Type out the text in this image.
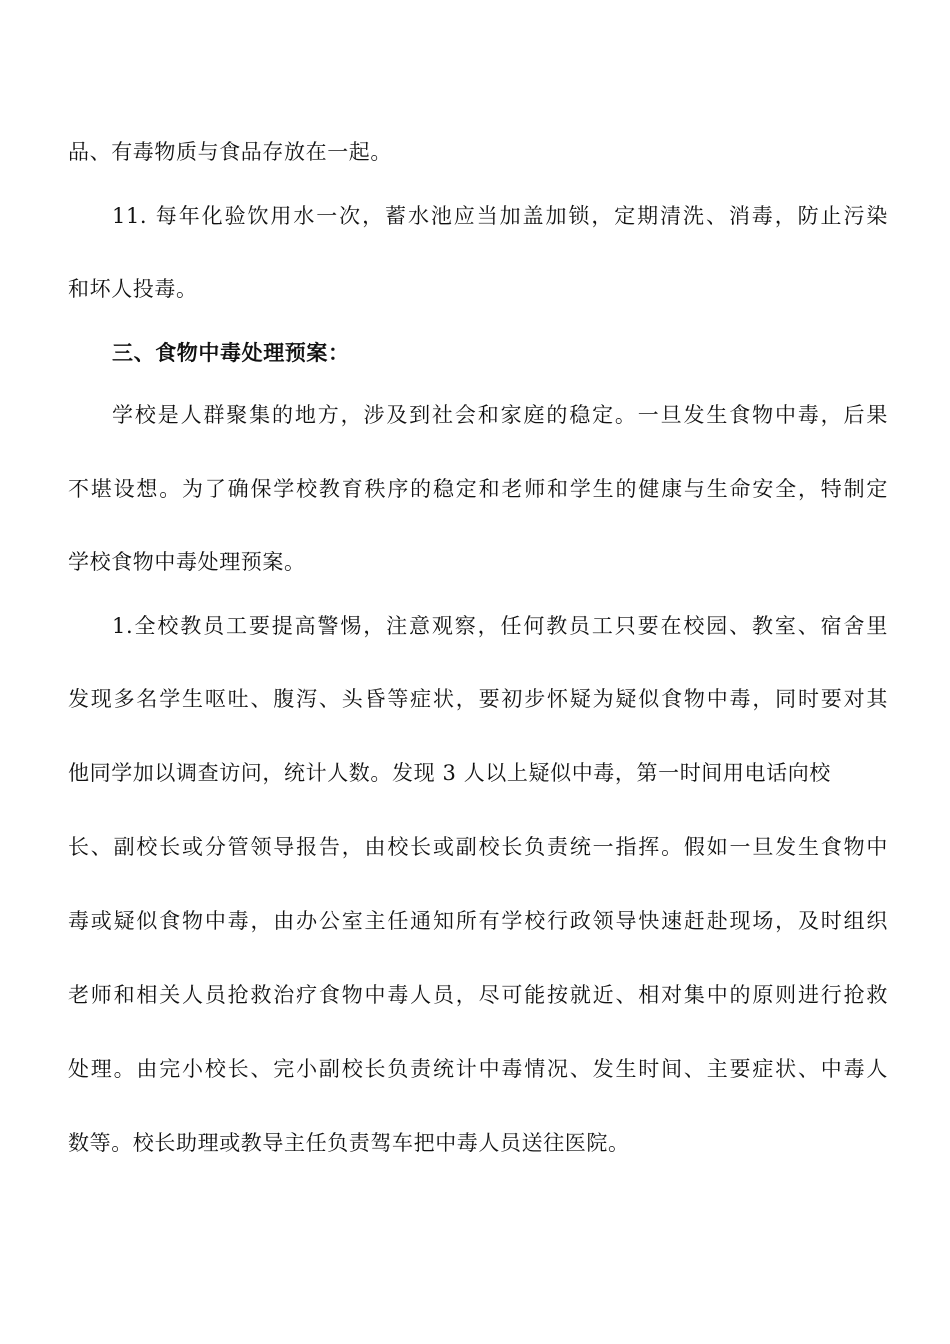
品、有毒物质与食品存放在一起。
11. 每年化验饮用水一次，蓄水池应当加盖加锁，定期清洗、消毒，防止污染
和坏人投毒。
三、食物中毒处理预案：
学校是人群聚集的地方，涉及到社会和家庭的稳定。一旦发生食物中毒，后果
不堪设想。为了确保学校教育秩序的稳定和老师和学生的健康与生命安全，特制定
学校食物中毒处理预案。
1.全校教员工要提高警惕，注意观察，任何教员工只要在校园、教室、宿舍里
发现多名学生呕吐、腹泻、头昏等症状，要初步怀疑为疑似食物中毒，同时要对其
他同学加以调查访问，统计人数。发现 3 人以上疑似中毒，第一时间用电话向校
长、副校长或分管领导报告，由校长或副校长负责统一指挥。假如一旦发生食物中
毒或疑似食物中毒，由办公室主任通知所有学校行政领导快速赶赴现场，及时组织
老师和相关人员抢救治疗食物中毒人员，尽可能按就近、相对集中的原则进行抢救
处理。由完小校长、完小副校长负责统计中毒情况、发生时间、主要症状、中毒人
数等。校长助理或教导主任负责驾车把中毒人员送往医院。
